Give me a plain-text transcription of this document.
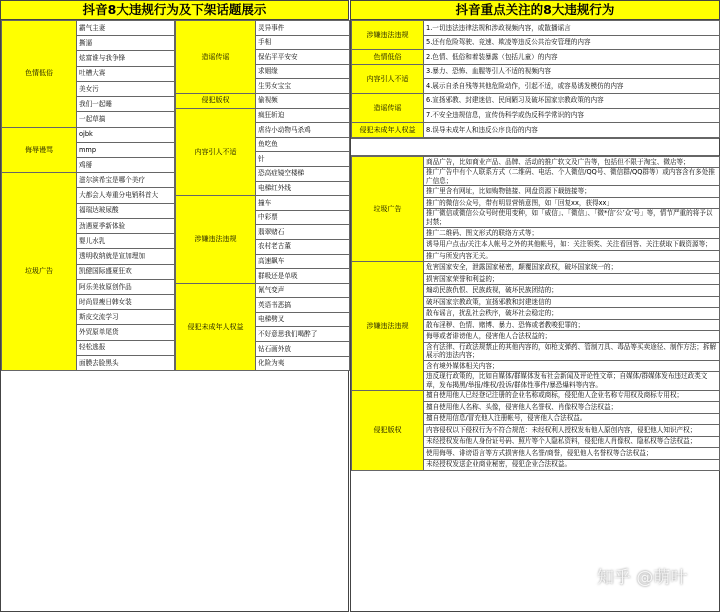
抖音8大违规行为及下架话题展示
色情低俗	霸气主妻
	撕逼
	炫富谁与我争锋
	吐槽大赛
	美女污
	我们一起睡
	一起草搞
侮辱谩骂	ojbk
	mmp
	鸡掰
垃圾广告	滋尔滨希宝是哪个美疗
	大都会人寿重分电销科首大
	福瑞达玻尿酸
	劲遇夏季新体验
	婴儿水乳
	透明收纳就是宣加理加
	凯健国际盛夏狂欢
	阿乐美妆原创作品
	时尚显瘦日韩女装
	斯皮交流学习
	外贸原单尾货
	轻松逃报
	面膜去脸黑头
造谣传谣	灵异事件
	手相
	保佑平平安安
	求姻缘
	生男女宝宝
侵犯版权	偷视频
内容引人不适	疯狂斩迫
	虐待小动物马杀鸡
	鱼吃鱼
	针
	恐高症镜空楼梯
	电梯红外线
涉嫌违法违规	撞车
	中彩票
	翡翠赌石
	农村老古董
	高速飙车
	群吸还是单吸
侵犯未成年人权益	氰气变声
	英语书恶搞
	电梯劈叉
	不好意思我们喝醉了
	钻石画外放
	化险为夷
抖音重点关注的8大违规行为
涉嫌违法违规	1.一切违法违律法规和涉政视频内容，或散播谣言
	5.还有危险驾驶、竞速、欺凌等违反公共治安管理的内容
色情低俗	2.色情、低俗和着装暴露（包括儿童）的内容
内容引人不适	3.暴力、恐怖、血腥等引人不适的视频内容
	4.展示自杀自残等其他危险动作，引起不适，或容易诱发模仿的内容
造谣传谣	6.宣扬邪教、封建迷信、民间陋习及破坏国家宗教政策的内容
	7.不安全违规信息，宣传伪科学或伪反科学常识的内容
侵犯未成年人权益	8.误导未成年人和违反公序良俗的内容
垃圾广告	商品广告，比如商业产品、品牌、活动的推广软文及广告等，包括但不限于淘宝、微店等；
	推广广告中有个人联系方式（二维码、电话、个人微信/QQ号、微信群/QQ群等）或内容含有多处推广信息；
	推广里含有网址，比如购物链接、网盘资源下载链接等；
	推广的微信公众号，带有明显营销意图，如「回复xx，获得xx」
	推广微信或微信公众号时使用变种，如「威信」、「微信」、「微*信’公’众’号」等，情节严重的将予以封禁；
	推广二维码、图文形式的联络方式等；
	诱导用户点击/关注本人帐号之外的其他帐号，如：关注领奖、关注看回答、关注获取下载资源等；
	推广与所发内容无关。
涉嫌违法违规	危害国家安全，泄露国家秘密，颠覆国家政权，破坏国家统一的；
	损害国家荣誉和利益的；
	煽动民族仇恨、民族歧视，破坏民族团结的；
	破坏国家宗教政策，宣扬邪教和封建迷信的
	散布谣言，扰乱社会秩序，破坏社会稳定的；
	散布淫秽、色情、赌博、暴力、恐怖或者教唆犯罪的；
	侮辱或者诽谤他人，侵害他人合法权益的；
	含有法律、行政法规禁止的其他内容的，如枪支弹药、管制刀具、毒品等买卖途径、制作方法；拆解展示的违法内容；
	含有境外媒体相关内容；
	违反现行政策的，比如自媒体/群媒体发布社会新闻及评论性文章；自媒体/群媒体发布违过政类文章，发布揭黑/举报/维权/投诉/群体性事件/暴恐爆料等内容。
侵犯版权	擅自使用他人已经登记注册的企业名称或商标，侵犯他人企业名称专用权及商标专用权；
	擅自使用他人名称、头像，侵害他人名誉权、肖像权等合法权益；
	擅自使用信息/冒充他人注册帐号，侵害他人合法权益。
	内容侵权以下侵权行为不符合规范：未经权利人授权发布他人原创内容，侵犯他人知识产权；
	未经授权发布他人身份证号码、照片等个人隐私资料，侵犯他人肖像权、隐私权等合法权益；
	使用侮辱、诽谤语言等方式损害他人名誉/商誉，侵犯他人名誉权等合法权益；
	未经授权发送企业商业秘密，侵犯企业合法权益。
知乎 @萌叶
